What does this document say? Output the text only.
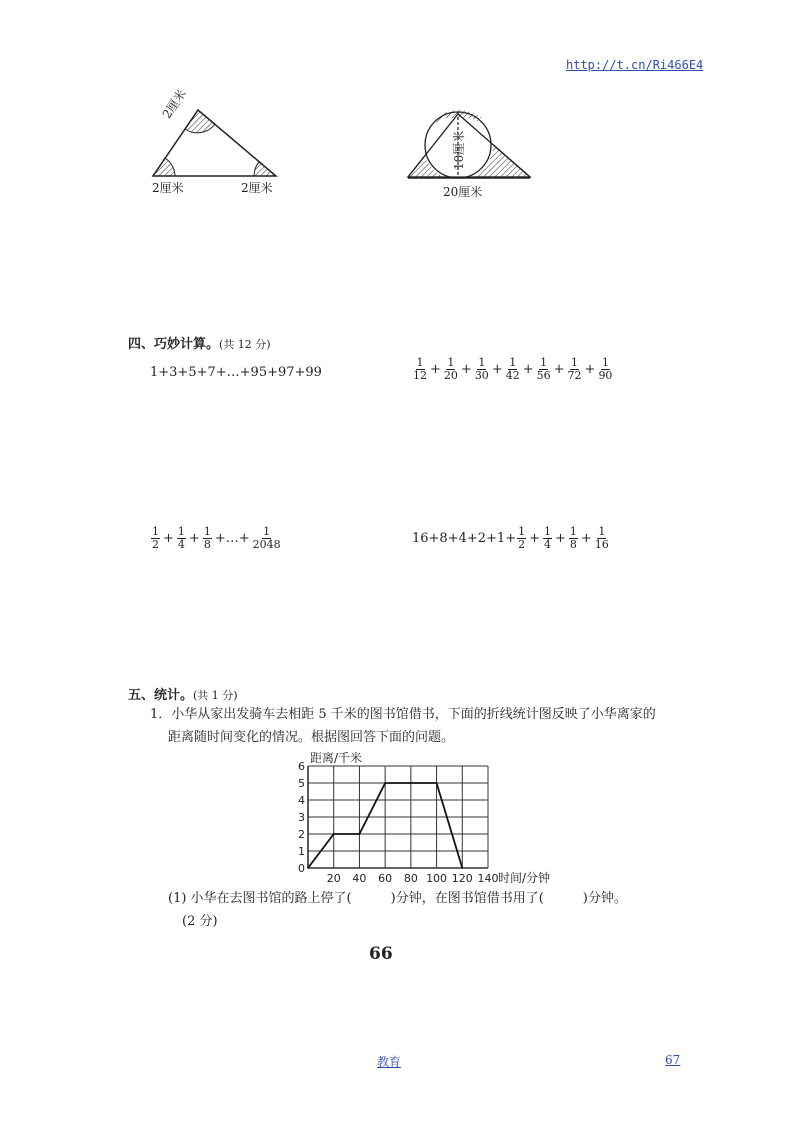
http://t.cn/Ri466E4
2厘米
2厘米	2厘米
10厘米
20厘米
四、巧妙计算。(共 12 分)
1+3+5+7+…+95+97+99	$\frac{1}{12} + \frac{1}{20} + \frac{1}{30} + \frac{1}{42} + \frac{1}{56} + \frac{1}{72} + \frac{1}{90}$
$\frac{1}{2} + \frac{1}{4} + \frac{1}{8}$ +…+ $\frac{1}{2048}$	$16+8+4+2+1+ \frac{1}{2} + \frac{1}{4} + \frac{1}{8} + \frac{1}{16}$
五、统计。(共 1 分)
1．小华从家出发骑车去相距 5 千米的图书馆借书，下面的折线统计图反映了小华离家的
距离随时间变化的情况。根据图回答下面的问题。
0
1
2
3
4
5
6
20 40 60 80 100 120 140
距离/千米
时间/分钟
(1) 小华在去图书馆的路上停了(　　　)分钟，在图书馆借书用了(　　　)分钟。
(2 分)
66
教育	67
